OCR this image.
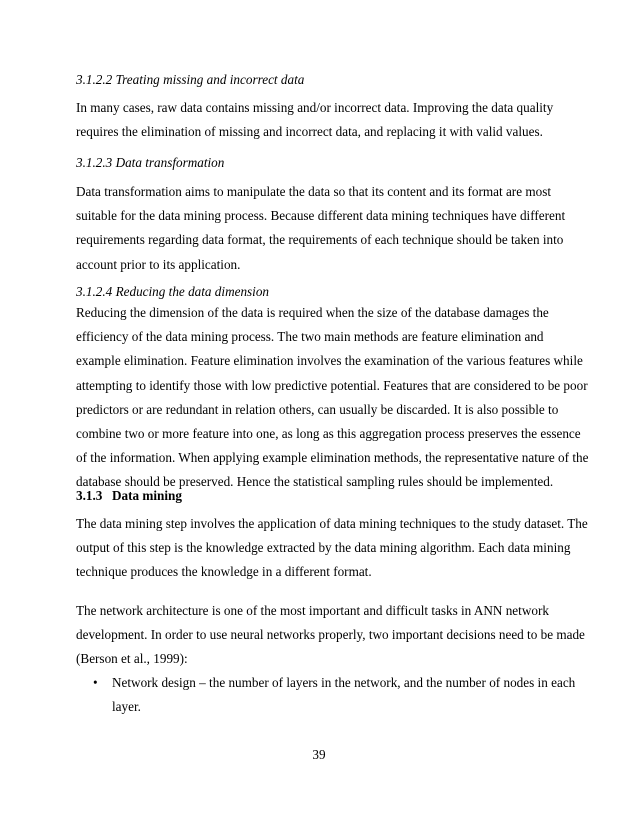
3.1.2.2 Treating missing and incorrect data

In many cases, raw data contains missing and/or incorrect data. Improving the data quality
requires the elimination of missing and incorrect data, and replacing it with valid values.

3.1.2.3 Data transformation

Data transformation aims to manipulate the data so that its content and its format are most
suitable for the data mining process. Because different data mining techniques have different
requirements regarding data format, the requirements of each technique should be taken into
account prior to its application.

3.1.2.4 Reducing the data dimension

Reducing the dimension of the data is required when the size of the database damages the
efficiency of the data mining process. The two main methods are feature elimination and
example elimination. Feature elimination involves the examination of the various features while
attempting to identify those with low predictive potential. Features that are considered to be poor
predictors or are redundant in relation others, can usually be discarded. It is also possible to
combine two or more feature into one, as long as this aggregation process preserves the essence
of the information. When applying example elimination methods, the representative nature of the
database should be preserved. Hence the statistical sampling rules should be implemented.

3.1.3 Data mining

The data mining step involves the application of data mining techniques to the study dataset. The
output of this step is the knowledge extracted by the data mining algorithm. Each data mining
technique produces the knowledge in a different format.

The network architecture is one of the most important and difficult tasks in ANN network
development. In order to use neural networks properly, two important decisions need to be made
(Berson et al., 1999):

•	Network design – the number of layers in the network, and the number of nodes in each
layer.

39
